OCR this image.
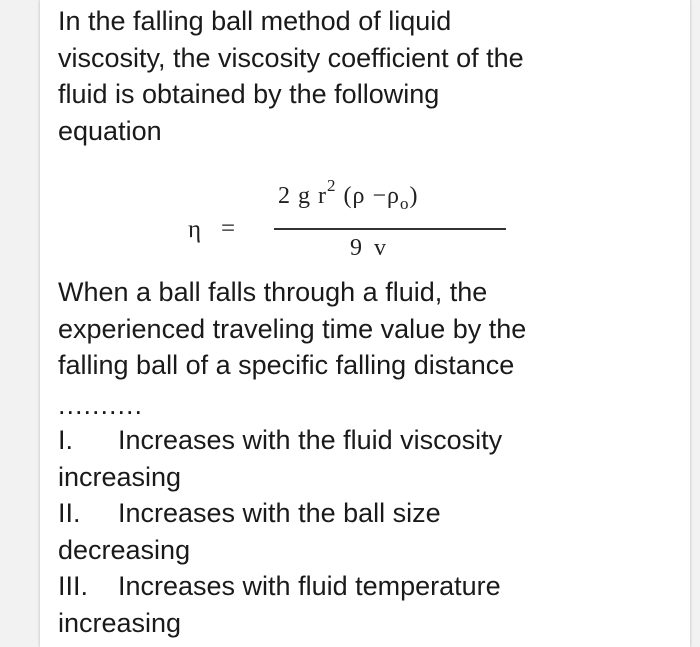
In the falling ball method of liquid
viscosity, the viscosity coefficient of the
fluid is obtained by the following
equation

η =
2 g $r^2$ $(\rho -\rho_o)$
9 v

When a ball falls through a fluid, the
experienced traveling time value by the
falling ball of a specific falling distance

..........

I. Increases with the fluid viscosity
increasing
II. Increases with the ball size
decreasing
III. Increases with fluid temperature
increasing
